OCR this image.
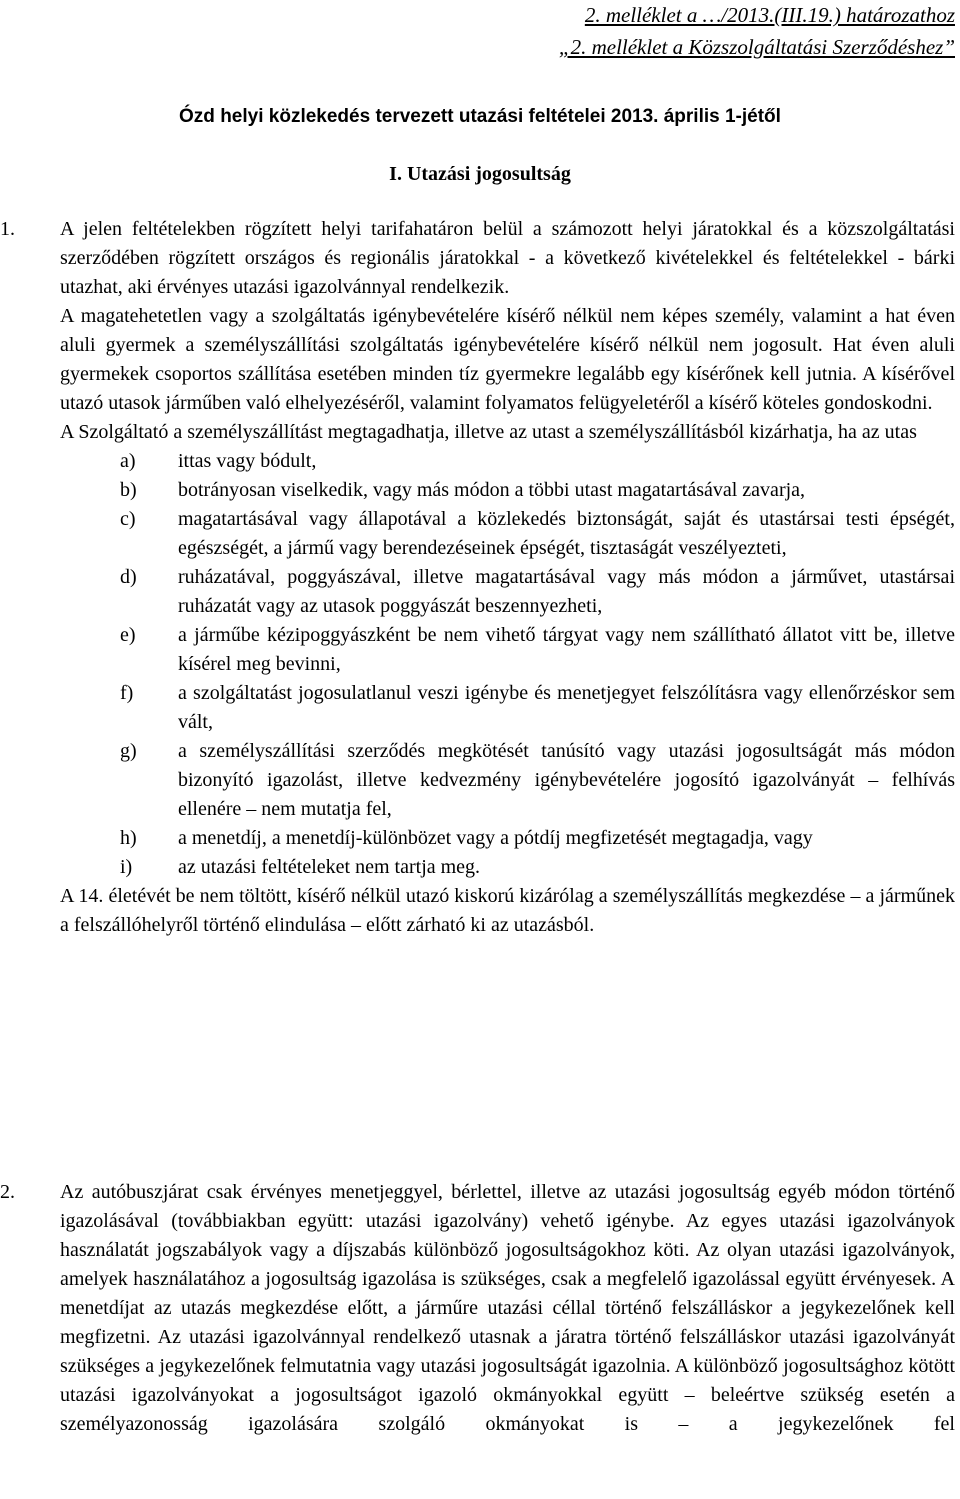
2. melléklet a …/2013.(III.19.) határozathoz
„2. melléklet a Közszolgáltatási Szerződéshez”
Ózd helyi közlekedés tervezett utazási feltételei 2013. április 1-jétől
I. Utazási jogosultság
1. A jelen feltételekben rögzített helyi tarifahatáron belül a számozott helyi járatokkal és a közszolgáltatási szerződében rögzített országos és regionális járatokkal - a következő kivételekkel és feltételekkel - bárki utazhat, aki érvényes utazási igazolvánnyal rendelkezik.

A magatehetetlen vagy a szolgáltatás igénybevételére kísérő nélkül nem képes személy, valamint a hat éven aluli gyermek a személyszállítási szolgáltatás igénybevételére kísérő nélkül nem jogosult. Hat éven aluli gyermekek csoportos szállítása esetében minden tíz gyermekre legalább egy kísérőnek kell jutnia. A kísérővel utazó utasok járműben való elhelyezéséről, valamint folyamatos felügyeletéről a kísérő köteles gondoskodni.

A Szolgáltató a személyszállítást megtagadhatja, illetve az utast a személyszállításból kizárhatja, ha az utas

a) ittas vagy bódult,
b) botrányosan viselkedik, vagy más módon a többi utast magatartásával zavarja,
c) magatartásával vagy állapotával a közlekedés biztonságát, saját és utastársai testi épségét, egészségét, a jármű vagy berendezéseinek épségét, tisztaságát veszélyezteti,
d) ruházatával, poggyászával, illetve magatartásával vagy más módon a járművet, utastársai ruházatát vagy az utasok poggyászát beszennyezheti,
e) a járműbe kézipoggyászként be nem vihető tárgyat vagy nem szállítható állatot vitt be, illetve kísérel meg bevinni,
f) a szolgáltatást jogosulatlanul veszi igénybe és menetjegyet felszólításra vagy ellenőrzéskor sem vált,
g) a személyszállítási szerződés megkötését tanúsító vagy utazási jogosultságát más módon bizonyító igazolást, illetve kedvezmény igénybevételére jogosító igazolványát – felhívás ellenére – nem mutatja fel,
h) a menetdíj, a menetdíj-különbözet vagy a pótdíj megfizetését megtagadja, vagy
i) az utazási feltételeket nem tartja meg.

A 14. életévét be nem töltött, kísérő nélkül utazó kiskorú kizárólag a személyszállítás megkezdése – a járműnek a felszállóhelyről történő elindulása – előtt zárható ki az utazásból.

2. Az autóbuszjárat csak érvényes menetjeggyel, bérlettel, illetve az utazási jogosultság egyéb módon történő igazolásával (továbbiakban együtt: utazási igazolvány) vehető igénybe. Az egyes utazási igazolványok használatát jogszabályok vagy a díjszabás különböző jogosultságokhoz köti. Az olyan utazási igazolványok, amelyek használatához a jogosultság igazolása is szükséges, csak a megfelelő igazolással együtt érvényesek. A menetdíjat az utazás megkezdése előtt, a járműre utazási céllal történő felszálláskor a jegykezelőnek kell megfizetni. Az utazási igazolvánnyal rendelkező utasnak a járatra történő felszálláskor utazási igazolványát szükséges a jegykezelőnek felmutatnia vagy utazási jogosultságát igazolnia. A különböző jogosultsághoz kötött utazási igazolványokat a jogosultságot igazoló okmányokkal együtt – beleértve szükség esetén a személyazonosság igazolására szolgáló okmányokat is – a jegykezelőnek fel
